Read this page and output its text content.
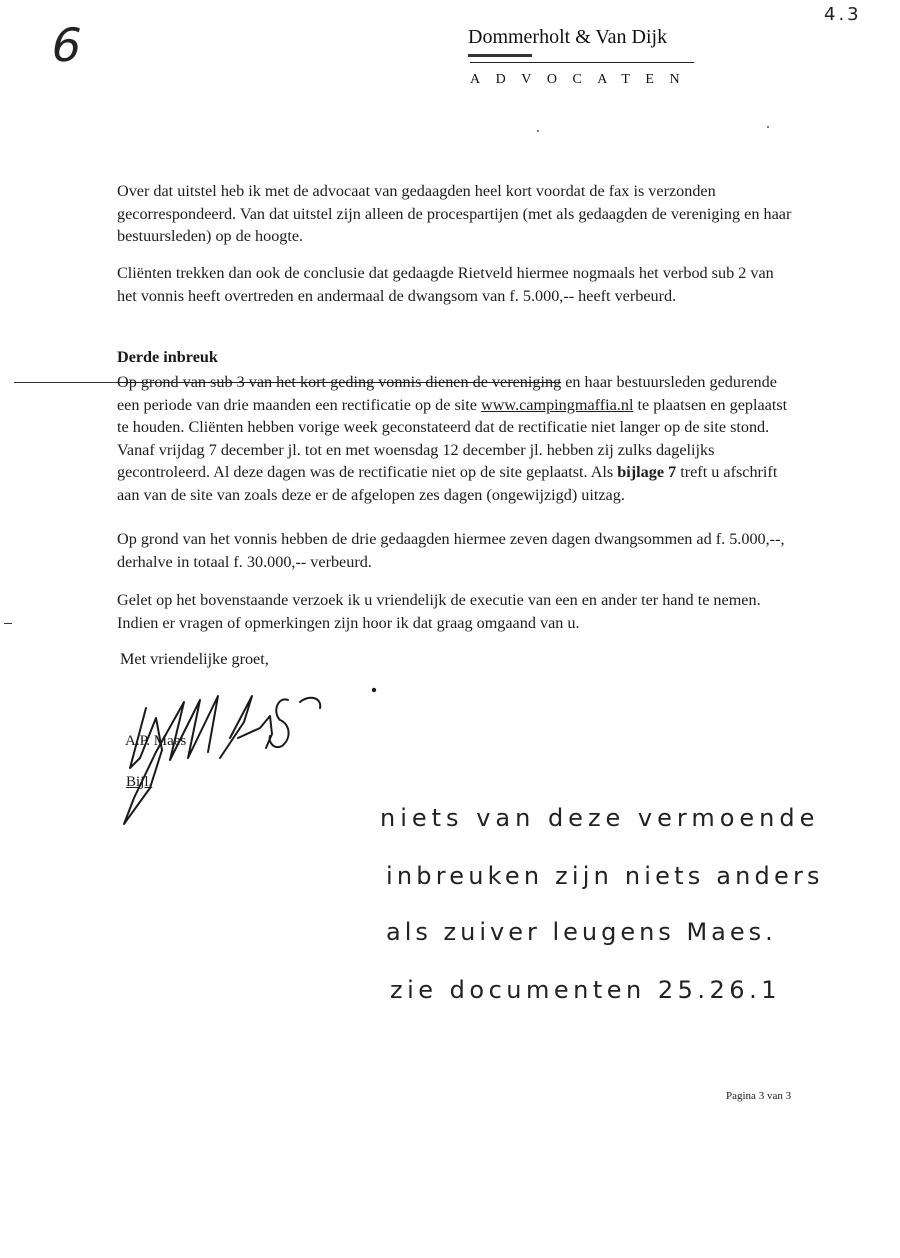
6
4.3
Dommerholt & Van Dijk
ADVOCATEN

Over dat uitstel heb ik met de advocaat van gedaagden heel kort voordat de fax is verzonden gecorrespondeerd. Van dat uitstel zijn alleen de procespartijen (met als gedaagden de vereniging en haar bestuursleden) op de hoogte.

Cliënten trekken dan ook de conclusie dat gedaagde Rietveld hiermee nogmaals het verbod sub 2 van het vonnis heeft overtreden en andermaal de dwangsom van f. 5.000,-- heeft verbeurd.

Derde inbreuk

Op grond van sub 3 van het kort geding vonnis dienen de vereniging en haar bestuursleden gedurende een periode van drie maanden een rectificatie op de site www.campingmaffia.nl te plaatsen en geplaatst te houden. Cliënten hebben vorige week geconstateerd dat de rectificatie niet langer op de site stond. Vanaf vrijdag 7 december jl. tot en met woensdag 12 december jl. hebben zij zulks dagelijks gecontroleerd. Al deze dagen was de rectificatie niet op de site geplaatst. Als bijlage 7 treft u afschrift aan van de site van zoals deze er de afgelopen zes dagen (ongewijzigd) uitzag.

Op grond van het vonnis hebben de drie gedaagden hiermee zeven dagen dwangsommen ad f. 5.000,--, derhalve in totaal f. 30.000,-- verbeurd.

Gelet op het bovenstaande verzoek ik u vriendelijk de executie van een en ander ter hand te nemen. Indien er vragen of opmerkingen zijn hoor ik dat graag omgaand van u.

Met vriendelijke groet,
A.P. Maes
Bijl.
niets van deze vermoende
inbreuken zijn niets anders
als zuiver leugens Maes.
zie documenten 25.26.1
Pagina 3 van 3
